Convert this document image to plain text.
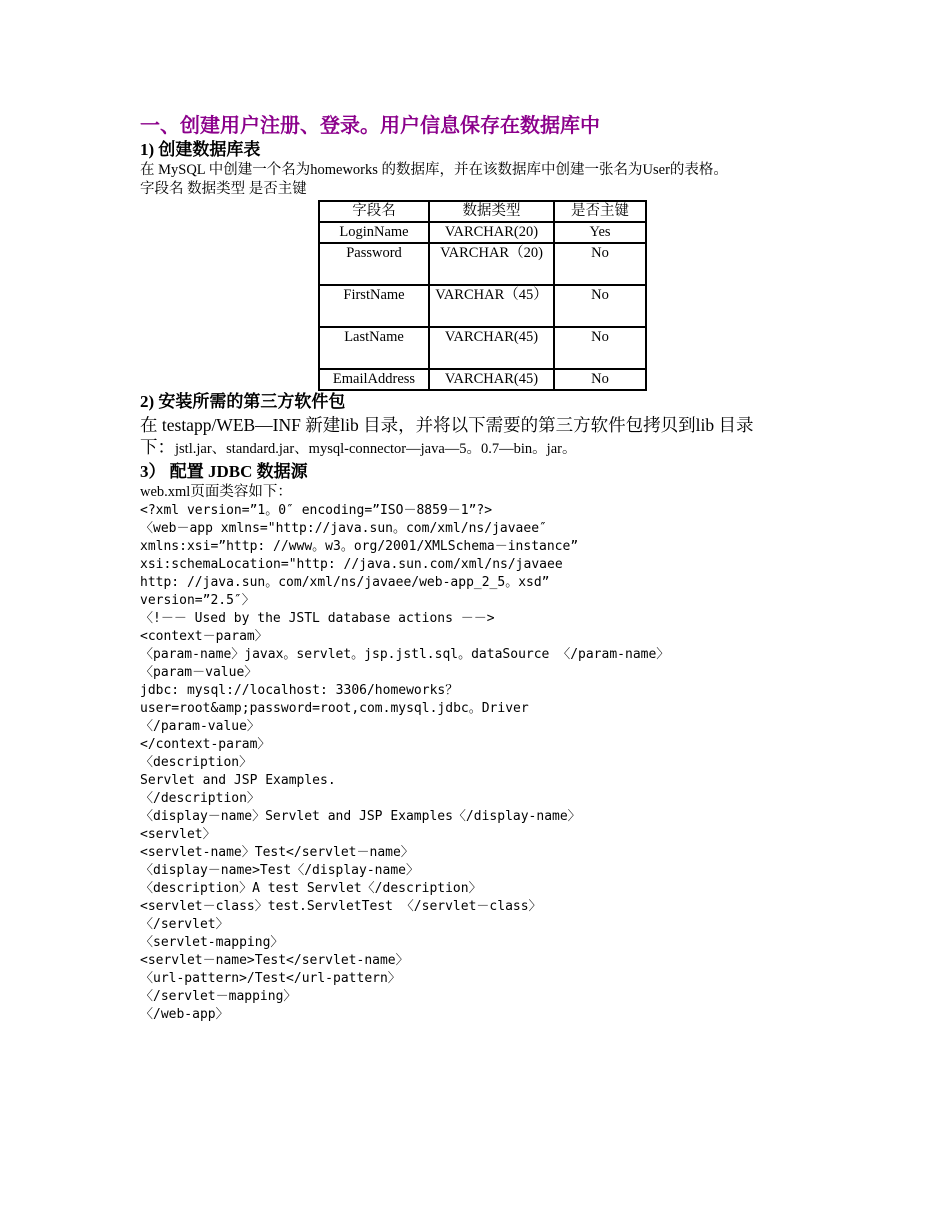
一、创建用户注册、登录。用户信息保存在数据库中

1) 创建数据库表

在 MySQL 中创建一个名为homeworks 的数据库，并在该数据库中创建一张名为User的表格。

字段名 数据类型 是否主键

字段名	数据类型	是否主键
LoginName	VARCHAR(20)	Yes
Password	VARCHAR（20)	No
FirstName	VARCHAR（45）	No
LastName	VARCHAR(45)	No
EmailAddress	VARCHAR(45)	No

2) 安装所需的第三方软件包

在 testapp/WEB—INF 新建lib 目录，并将以下需要的第三方软件包拷贝到lib 目录

下：jstl.jar、standard.jar、mysql-connector—java—5。0.7—bin。jar。

3） 配置 JDBC 数据源

web.xml页面类容如下：

<?xml version=”1。0″ encoding=”ISO－8859－1”?>
〈web－app xmlns="http://java.sun。com/xml/ns/javaee″
xmlns:xsi=”http: //www。w3。org/2001/XMLSchema－instance”
xsi:schemaLocation="http: //java.sun.com/xml/ns/javaee
http: //java.sun。com/xml/ns/javaee/web-app_2_5。xsd”
version=”2.5″〉
〈!－－ Used by the JSTL database actions －－>
<context－param〉
〈param-name〉javax。servlet。jsp.jstl.sql。dataSource 〈/param-name〉
〈param－value〉
jdbc: mysql://localhost: 3306/homeworks？
user=root&amp;password=root,com.mysql.jdbc。Driver
〈/param-value〉
</context-param〉
〈description〉
Servlet and JSP Examples.
〈/description〉
〈display－name〉Servlet and JSP Examples〈/display-name〉
<servlet〉
<servlet-name〉Test</servlet－name〉
〈display－name>Test〈/display-name〉
〈description〉A test Servlet〈/description〉
<servlet－class〉test.ServletTest 〈/servlet－class〉
〈/servlet〉
〈servlet-mapping〉
<servlet－name>Test</servlet-name〉
〈url-pattern>/Test</url-pattern〉
〈/servlet－mapping〉
〈/web-app〉
